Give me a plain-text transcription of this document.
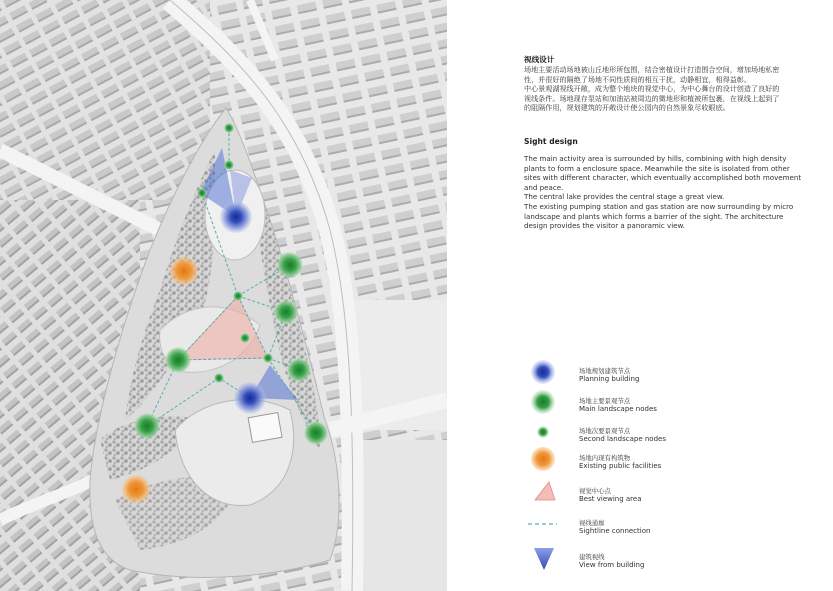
视线设计

场地主要活动场地被山丘地形所包围，结合密植设计打造围合空间，增加场地私密
性，并很好的隔绝了场地不同性质间的相互干扰，动静相宜，相得益彰。
中心景观湖视线开敞，成为整个地块的视觉中心，为中心舞台的设计创造了良好的
视线条件。场地现存泵站和加油站被周边的微地形和植被所包裹，在视线上起到了
的阻隔作用，规划建筑的开敞设计使公园内的自然景象尽收眼底。

Sight design

The main activity area is surrounded by hills, combining with high density
plants to form a enclosure space. Meanwhile the site is isolated from other
sites with different character, which eventually accomplished both movement
and peace.
The central lake provides the central stage a great view.
The existing pumping station and gas station are now surrounding by micro
landscape and plants which forms a barrier of the sight. The architecture
design provides the visitor a panoramic view.

场地规划建筑节点
Planning building
场地主要景观节点
Main landscape nodes
场地次要景观节点
Second landscape nodes
场地内现有构筑物
Existing public facilities
视觉中心点
Best viewing area
视线通廊
Sightline connection
建筑视线
View from building
